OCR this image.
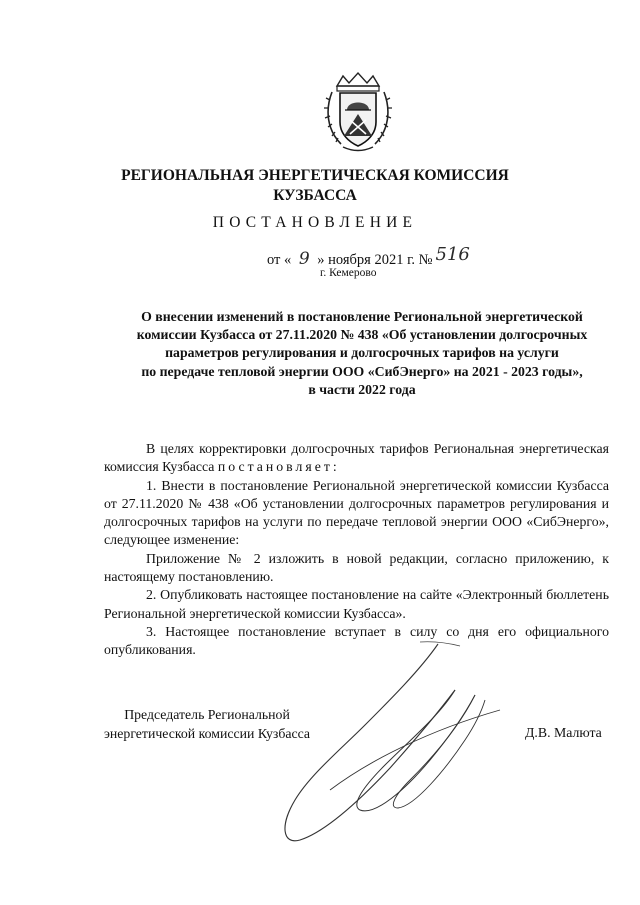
РЕГИОНАЛЬНАЯ ЭНЕРГЕТИЧЕСКАЯ КОМИССИЯ
КУЗБАССА
ПОСТАНОВЛЕНИЕ
от « 9 » ноября 2021 г. № 516
г. Кемерово
О внесении изменений в постановление Региональной энергетической
комиссии Кузбасса от 27.11.2020 № 438 «Об установлении долгосрочных
параметров регулирования и долгосрочных тарифов на услуги
по передаче тепловой энергии ООО «СибЭнерго» на 2021 - 2023 годы»,
в части 2022 года

В целях корректировки долгосрочных тарифов Региональная энергетическая комиссия Кузбасса постановляет:

1. Внести в постановление Региональной энергетической комиссии Кузбасса от 27.11.2020 № 438 «Об установлении долгосрочных параметров регулирования и долгосрочных тарифов на услуги по передаче тепловой энергии ООО «СибЭнерго», следующее изменение:

Приложение № 2 изложить в новой редакции, согласно приложению, к настоящему постановлению.

2. Опубликовать настоящее постановление на сайте «Электронный бюллетень Региональной энергетической комиссии Кузбасса».

3. Настоящее постановление вступает в силу со дня его официального опубликования.

Председатель Региональной
энергетической комиссии Кузбасса	Д.В. Малюта
